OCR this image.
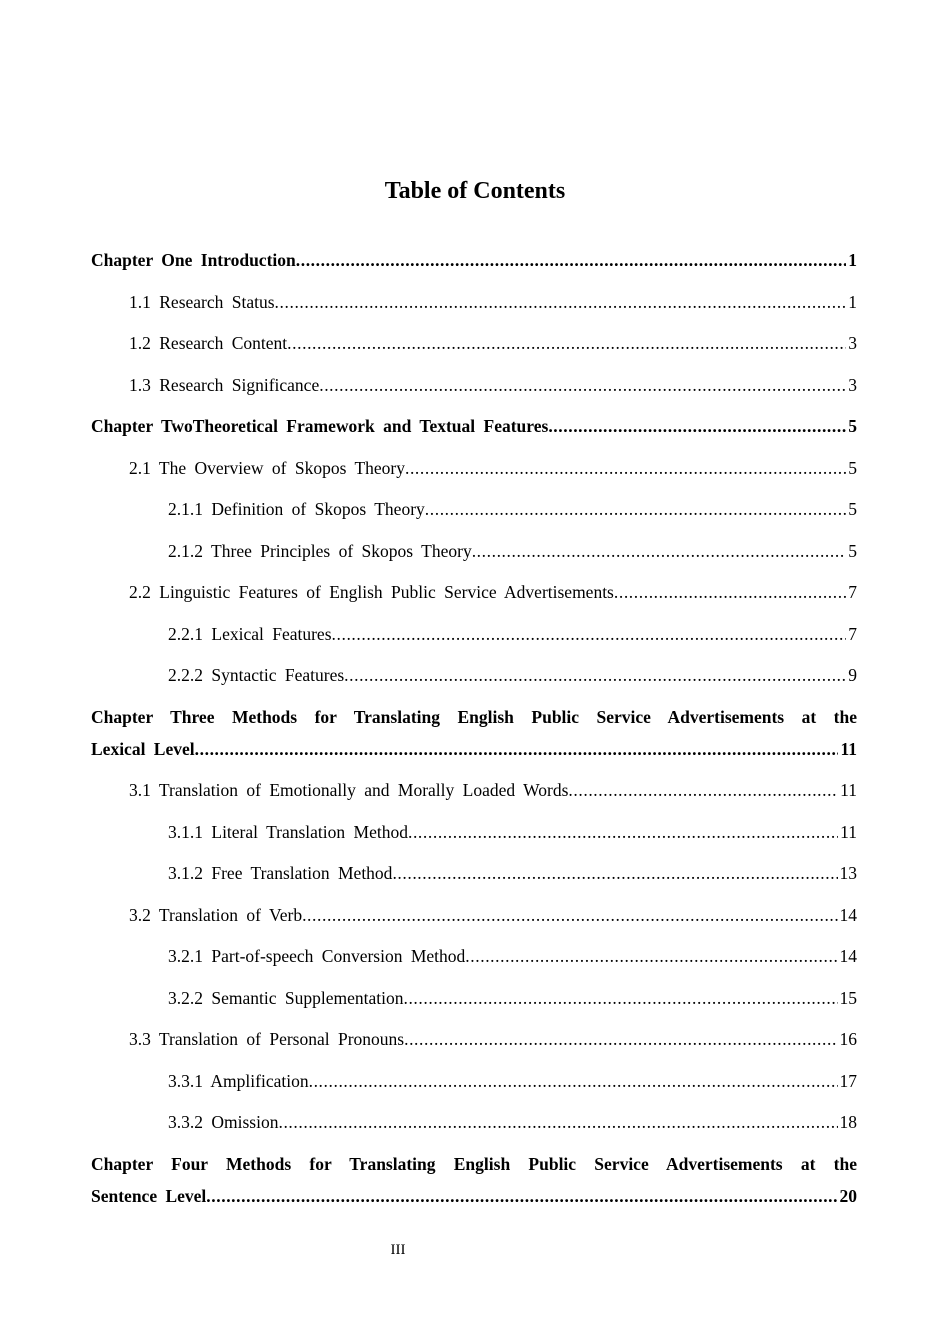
Table of Contents
Chapter One Introduction .....	1
1.1 Research Status .....	1
1.2 Research Content .....	3
1.3 Research Significance .....	3
Chapter TwoTheoretical Framework and Textual Features .....	5
2.1 The Overview of Skopos Theory .....	5
2.1.1 Definition of Skopos Theory .....	5
2.1.2 Three Principles of Skopos Theory .....	5
2.2 Linguistic Features of English Public Service Advertisements .....	7
2.2.1 Lexical Features .....	7
2.2.2 Syntactic Features .....	9
Chapter Three Methods for Translating English Public Service Advertisements at the
Lexical Level .....	11
3.1 Translation of Emotionally and Morally Loaded Words .....	11
3.1.1 Literal Translation Method .....	11
3.1.2 Free Translation Method .....	13
3.2 Translation of Verb .....	14
3.2.1 Part-of-speech Conversion Method .....	14
3.2.2 Semantic Supplementation .....	15
3.3 Translation of Personal Pronouns .....	16
3.3.1 Amplification .....	17
3.3.2 Omission .....	18
Chapter Four Methods for Translating English Public Service Advertisements at the
Sentence Level .....	20
III
